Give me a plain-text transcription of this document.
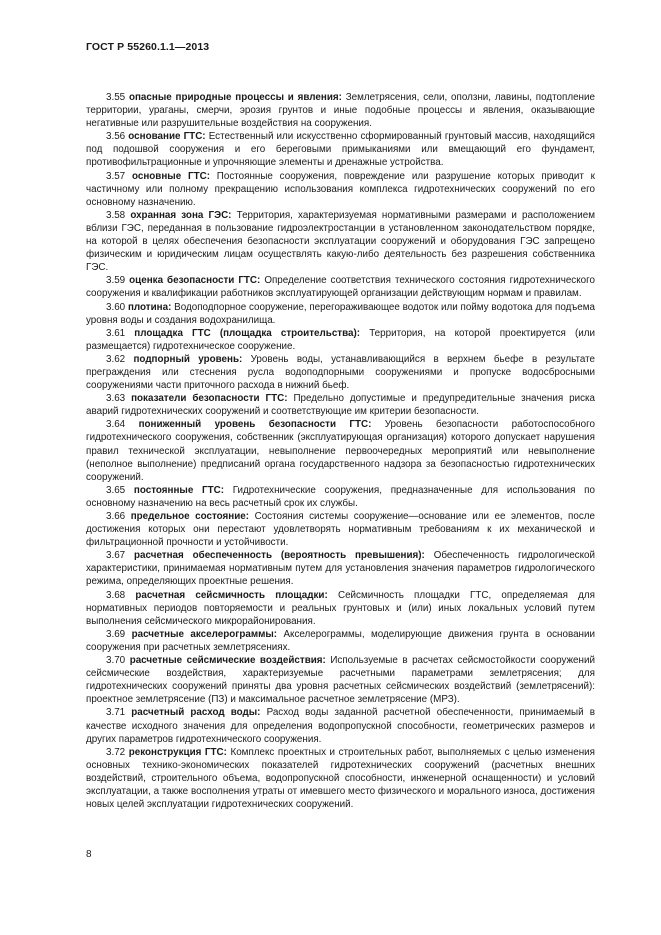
ГОСТ Р 55260.1.1—2013

3.55 опасные природные процессы и явления: Землетрясения, сели, оползни, лавины, подтопление территории, ураганы, смерчи, эрозия грунтов и иные подобные процессы и явления, оказывающие негативные или разрушительные воздействия на сооружения.

3.56 основание ГТС: Естественный или искусственно сформированный грунтовый массив, находящийся под подошвой сооружения и его береговыми примыканиями или вмещающий его фундамент, противофильтрационные и упрочняющие элементы и дренажные устройства.

3.57 основные ГТС: Постоянные сооружения, повреждение или разрушение которых приводит к частичному или полному прекращению использования комплекса гидротехнических сооружений по его основному назначению.

3.58 охранная зона ГЭС: Территория, характеризуемая нормативными размерами и расположением вблизи ГЭС, переданная в пользование гидроэлектростанции в установленном законодательством порядке, на которой в целях обеспечения безопасности эксплуатации сооружений и оборудования ГЭС запрещено физическим и юридическим лицам осуществлять какую-либо деятельность без разрешения собственника ГЭС.

3.59 оценка безопасности ГТС: Определение соответствия технического состояния гидротехнического сооружения и квалификации работников эксплуатирующей организации действующим нормам и правилам.

3.60 плотина: Водоподпорное сооружение, перегораживающее водоток или пойму водотока для подъема уровня воды и создания водохранилища.

3.61 площадка ГТС (площадка строительства): Территория, на которой проектируется (или размещается) гидротехническое сооружение.

3.62 подпорный уровень: Уровень воды, устанавливающийся в верхнем бьефе в результате преграждения или стеснения русла водоподпорными сооружениями и пропуске водосбросными сооружениями части приточного расхода в нижний бьеф.

3.63 показатели безопасности ГТС: Предельно допустимые и предупредительные значения риска аварий гидротехнических сооружений и соответствующие им критерии безопасности.

3.64 пониженный уровень безопасности ГТС: Уровень безопасности работоспособного гидротехнического сооружения, собственник (эксплуатирующая организация) которого допускает нарушения правил технической эксплуатации, невыполнение первоочередных мероприятий или невыполнение (неполное выполнение) предписаний органа государственного надзора за безопасностью гидротехнических сооружений.

3.65 постоянные ГТС: Гидротехнические сооружения, предназначенные для использования по основному назначению на весь расчетный срок их службы.

3.66 предельное состояние: Состояния системы сооружение—основание или ее элементов, после достижения которых они перестают удовлетворять нормативным требованиям к их механической и фильтрационной прочности и устойчивости.

3.67 расчетная обеспеченность (вероятность превышения): Обеспеченность гидрологической характеристики, принимаемая нормативным путем для установления значения параметров гидрологического режима, определяющих проектные решения.

3.68 расчетная сейсмичность площадки: Сейсмичность площадки ГТС, определяемая для нормативных периодов повторяемости и реальных грунтовых и (или) иных локальных условий путем выполнения сейсмического микрорайонирования.

3.69 расчетные акселерограммы: Акселерограммы, моделирующие движения грунта в основании сооружения при расчетных землетрясениях.

3.70 расчетные сейсмические воздействия: Используемые в расчетах сейсмостойкости сооружений сейсмические воздействия, характеризуемые расчетными параметрами землетрясения; для гидротехнических сооружений приняты два уровня расчетных сейсмических воздействий (землетрясений): проектное землетрясение (ПЗ) и максимальное расчетное землетрясение (МРЗ).

3.71 расчетный расход воды: Расход воды заданной расчетной обеспеченности, принимаемый в качестве исходного значения для определения водопропускной способности, геометрических размеров и других параметров гидротехнического сооружения.

3.72 реконструкция ГТС: Комплекс проектных и строительных работ, выполняемых с целью изменения основных технико-экономических показателей гидротехнических сооружений (расчетных внешних воздействий, строительного объема, водопропускной способности, инженерной оснащенности) и условий эксплуатации, а также восполнения утраты от имевшего место физического и морального износа, достижения новых целей эксплуатации гидротехнических сооружений.

8
